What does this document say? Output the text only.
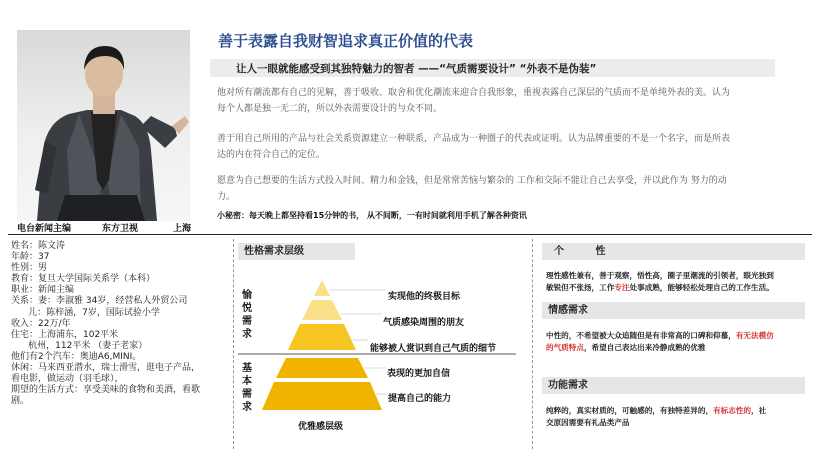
电台新闻主编	东方卫视	上海
善于表露自我财智追求真正价值的代表
让人一眼就能感受到其独特魅力的智者 ——“气质需要设计” “外表不是伪装”
他对所有潮流都有自己的见解，善于吸收、取舍和优化潮流来迎合自我形象，重视表露自己深层的气质而不是单纯外表的美。认为
每个人都是独一无二的，所以外表需要设计的与众不同。
善于用自己所用的产品与社会关系资源建立一种联系，产品成为一种圈子的代表或证明。认为品牌重要的不是一个名字，而是所表
达的内在符合自己的定位。
愿意为自己想要的生活方式投入时间、精力和金钱，但是常常苦恼与繁杂的 工作和交际不能让自己去享受，并以此作为 努力的动
力。
小秘密：每天晚上都坚持看15分钟的书， 从不间断，一有时间就利用手机了解各种资讯
姓名：陈文涛
年龄：37
性别：男
教育：复旦大学国际关系学（本科）
职业：新闻主编
关系：妻：李淑雅 34岁，经营私人外贸公司
儿：陈梓涵，7岁，国际试验小学
收入：22万/年
住宅：上海浦东，102平米
杭州，112平米 （妻子老家）
他们有2个汽车：奥迪A6,MINI。
休闲：马来西亚潜水，瑞士滑雪，逛电子产品，
看电影，做运动（羽毛球），
期望的生活方式：享受美味的食物和美酒，看歌
剧。
性格需求层级
愉悦需求
基本需求
实现他的终极目标
气质感染周围的朋友
能够被人赏识到自己气质的细节
表现的更加自信
提高自己的能力
优雅感层级
个 性
理性感性兼有，善于观察，悟性高，圈子里潮流的引领者，眼光独到
敏锐但不张扬，工作专注处事成熟，能够轻松处理自己的工作生活。
情感需求
中性的，不希望被大众追随但是有非常高的口碑和仰慕，有无法模仿
的气质特点，希望自己表达出来冷静成熟的优雅
功能需求
纯粹的，真实材质的，可触感的，有独特差异的，有标志性的，社
交原因需要有礼品类产品
